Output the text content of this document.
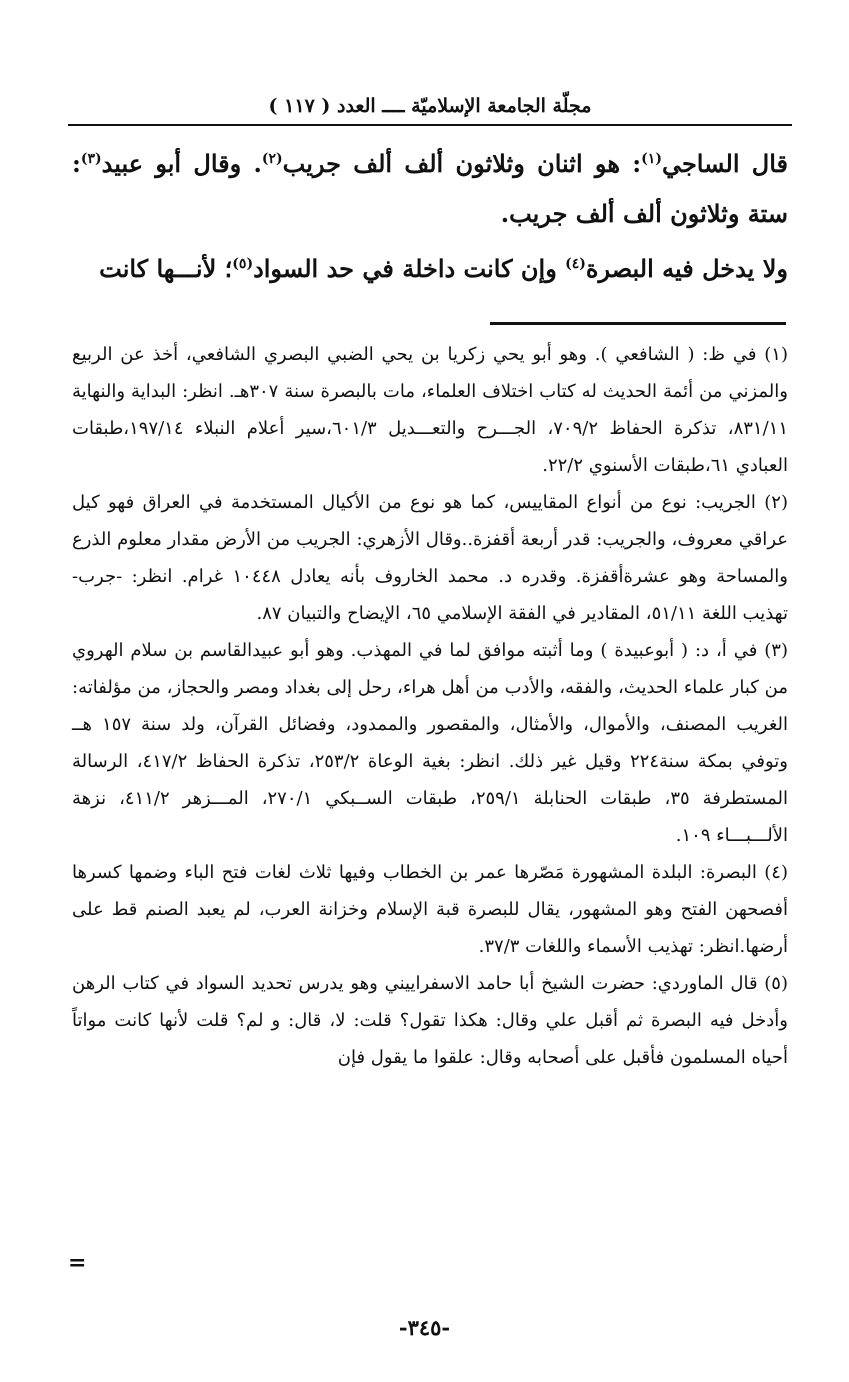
مجلّة الجامعة الإسلاميّة ــــ العدد ( ١١٧ )

قال الساجي$^{(١)}$: هو اثنان وثلاثون ألف ألف جريب$^{(٢)}$. وقال أبو عبيد$^{(٣)}$: ستة وثلاثون ألف ألف جريب.

ولا يدخل فيه البصرة$^{(٤)}$ وإن كانت داخلة في حد السواد$^{(٥)}$؛ لأنـــها كانت

(١) في ظ: ( الشافعي ). وهو أبو يحي زكريا بن يحي الضبي البصري الشافعي، أخذ عن الربيع والمزني من أئمة الحديث له كتاب اختلاف العلماء، مات بالبصرة سنة ٣٠٧هـ. انظر: البداية والنهاية ٨٣١/١١، تذكرة الحفاظ ٧٠٩/٢، الجـــرح والتعـــديل ٦٠١/٣،سير أعلام النبلاء ١٩٧/١٤،طبقات العبادي ٦١،طبقات الأسنوي ٢٢/٢.

(٢) الجريب: نوع من أنواع المقاييس، كما هو نوع من الأكيال المستخدمة في العراق فهو كيل عراقي معروف، والجريب: قدر أربعة أقفزة..وقال الأزهري: الجريب من الأرض مقدار معلوم الذرع والمساحة وهو عشرةأقفزة. وقدره د. محمد الخاروف بأنه يعادل ١٠٤٤٨ غرام. انظر: -جرب- تهذيب اللغة ٥١/١١، المقادير في الفقة الإسلامي ٦٥، الإيضاح والتبيان ٨٧.

(٣) في أ، د: ( أبوعبيدة ) وما أثبته موافق لما في المهذب. وهو أبو عبيدالقاسم بن سلام الهروي من كبار علماء الحديث، والفقه، والأدب من أهل هراء، رحل إلى بغداد ومصر والحجاز، من مؤلفاته: الغريب المصنف، والأموال، والأمثال، والمقصور والممدود، وفضائل القرآن، ولد سنة ١٥٧ هــ وتوفي بمكة سنة٢٢٤ وقيل غير ذلك. انظر: بغية الوعاة ٢٥٣/٢، تذكرة الحفاظ ٤١٧/٢، الرسالة المستطرفة ٣٥، طبقات الحنابلة ٢٥٩/١، طبقات الســبكي ٢٧٠/١، المـــزهر ٤١١/٢، نزهة الألـــبـــاء ١٠٩.

(٤) البصرة: البلدة المشهورة مَصّرها عمر بن الخطاب وفيها ثلاث لغات فتح الباء وضمها كسرها أفصحهن الفتح وهو المشهور، يقال للبصرة قبة الإسلام وخزانة العرب، لم يعبد الصنم قط على أرضها.انظر: تهذيب الأسماء واللغات ٣٧/٣.

(٥) قال الماوردي: حضرت الشيخ أبا حامد الاسفراييني وهو يدرس تحديد السواد في كتاب الرهن وأدخل فيه البصرة ثم أقبل علي وقال: هكذا تقول؟ قلت: لا، قال: و لم؟ قلت لأنها كانت مواتاً أحياه المسلمون فأقبل على أصحابه وقال: علقوا ما يقول فإن

=
-٣٤٥-
